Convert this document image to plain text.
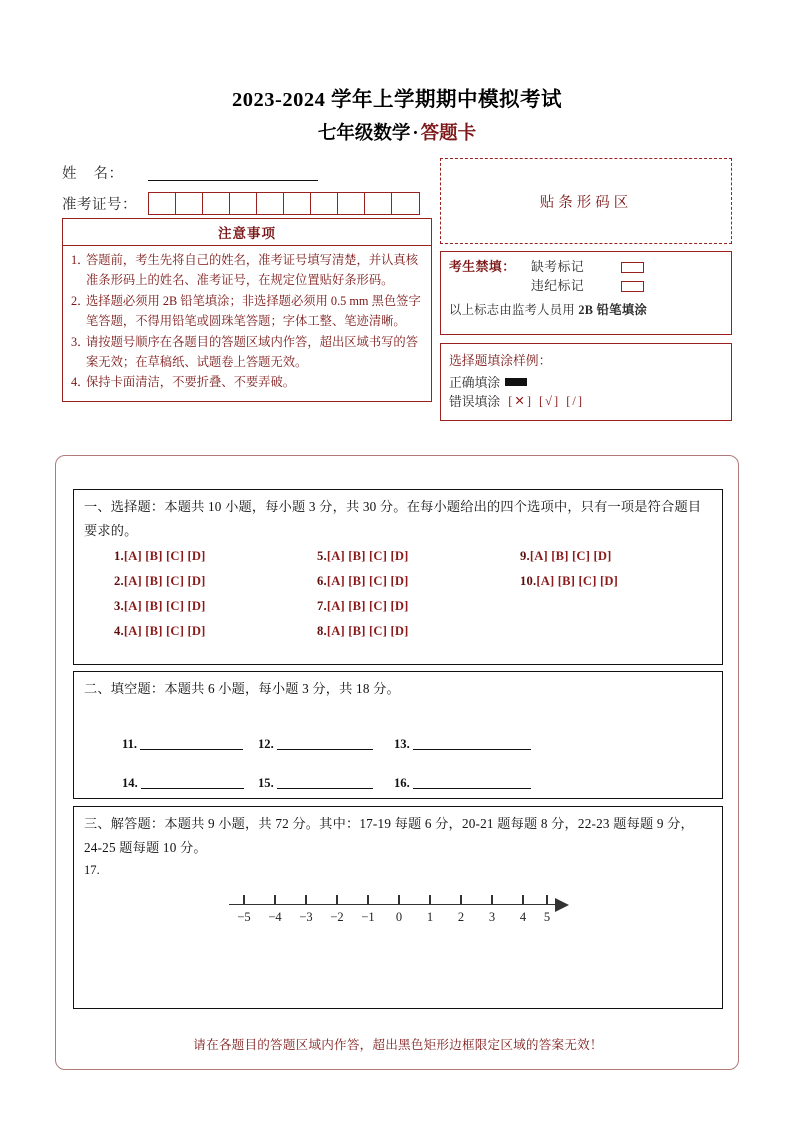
2023-2024 学年上学期期中模拟考试
七年级数学 · 答题卡
姓    名：
准考证号：
注意事项
1．
答题前，考生先将自己的姓名，准考证号填写清楚，并认真核准条形码上的姓名、准考证号，在规定位置贴好条形码。
2．
选择题必须用 2B 铅笔填涂；非选择题必须用 0.5 mm 黑色签字笔答题，不得用铅笔或圆珠笔答题；字体工整、笔迹清晰。
3．
请按题号顺序在各题目的答题区域内作答，超出区域书写的答案无效；在草稿纸、试题卷上答题无效。
4．
保持卡面清洁，不要折叠、不要弄破。
贴条形码区
考生禁填：	缺考标记
违纪标记
以上标志由监考人员用 2B 铅笔填涂
选择题填涂样例：
正确填涂
错误填涂 [✕] [√] [/]
一、选择题：本题共 10 小题，每小题 3 分，共 30 分。在每小题给出的四个选项中，只有一项是符合题目要求的。
1.[A] [B] [C] [D]
2.[A] [B] [C] [D]
3.[A] [B] [C] [D]
4.[A] [B] [C] [D]
5.[A] [B] [C] [D]
6.[A] [B] [C] [D]
7.[A] [B] [C] [D]
8.[A] [B] [C] [D]
9.[A] [B] [C] [D]
10.[A] [B] [C] [D]
二、填空题：本题共 6 小题，每小题 3 分，共 18 分。
11.	12.	13.
14.	15.	16.
三、解答题：本题共 9 小题，共 72 分。其中：17-19 每题 6 分，20-21 题每题 8 分，22-23 题每题 9 分，24-25 题每题 10 分。
17.
−5 −4 −3 −2 −1 0 1 2 3 4 5
请在各题目的答题区域内作答，超出黑色矩形边框限定区域的答案无效！
